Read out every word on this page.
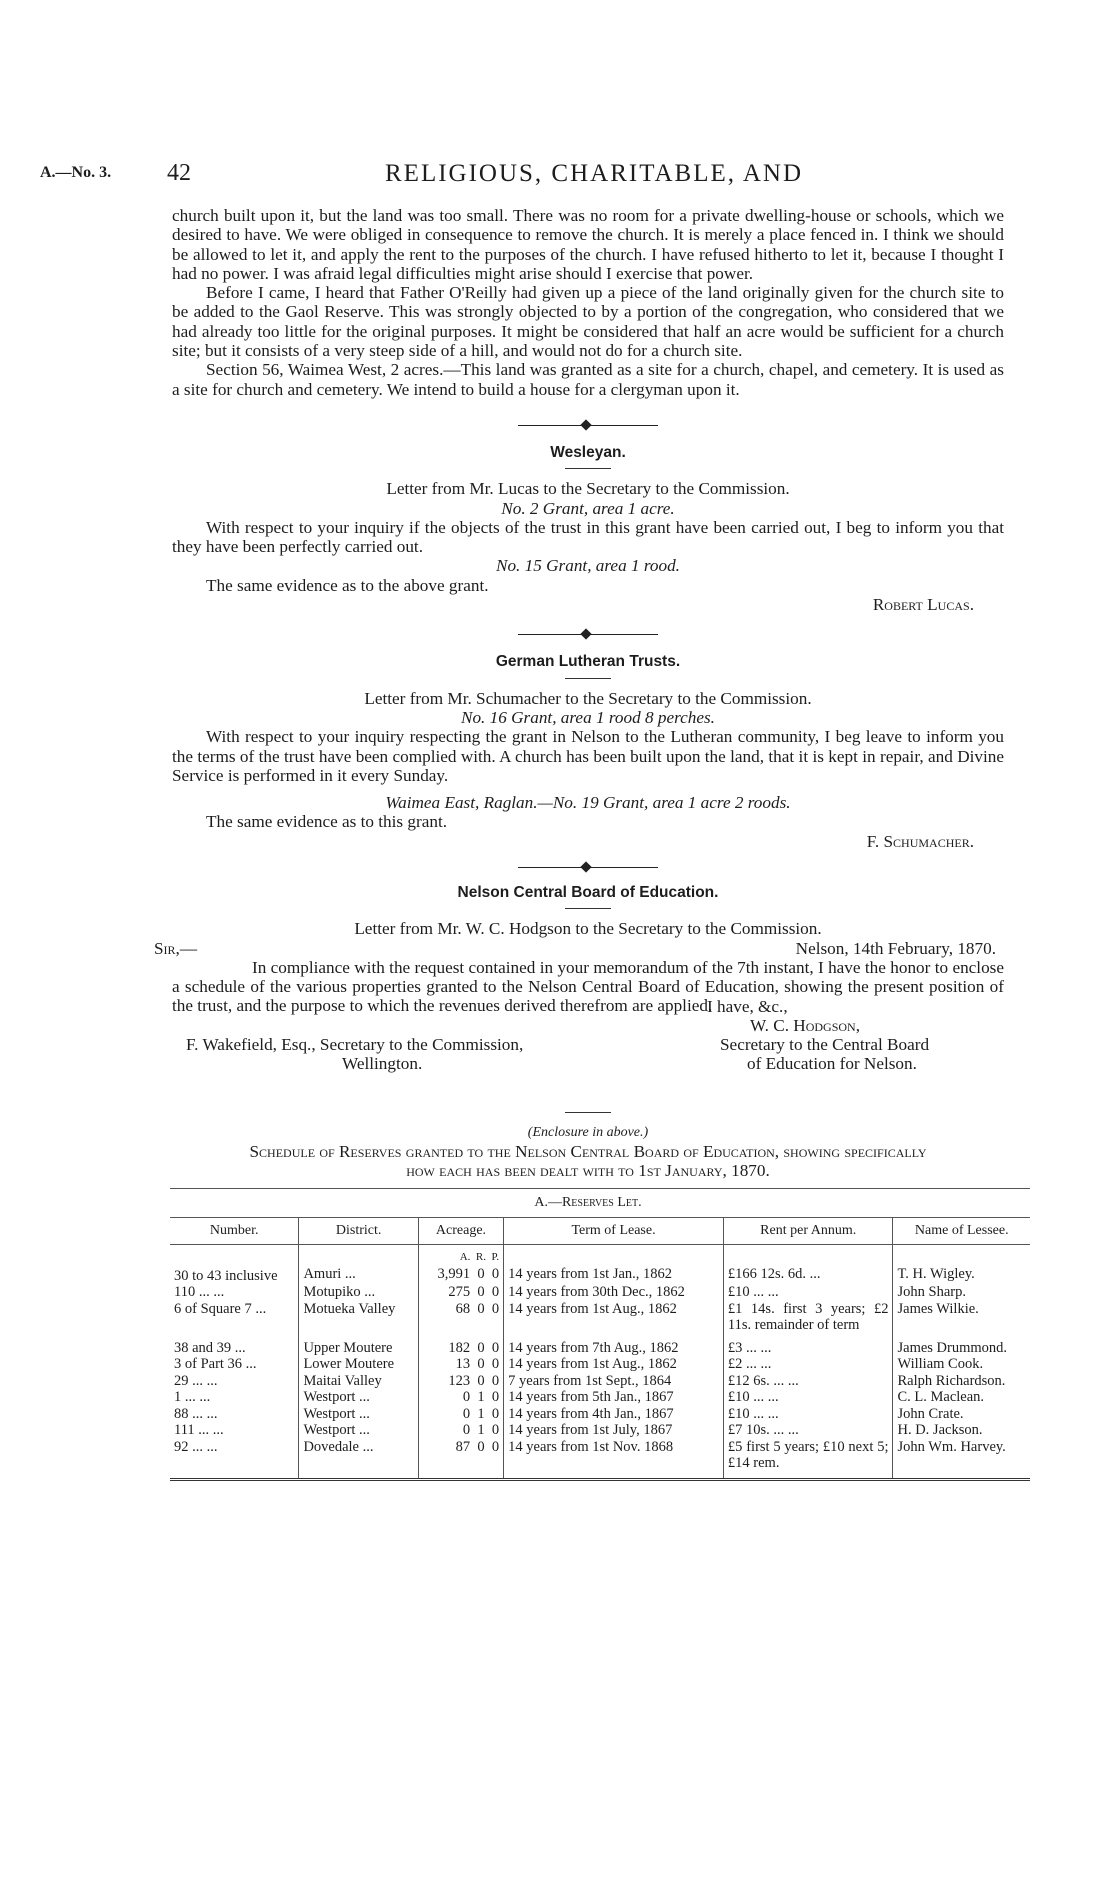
A.—No. 3. 42	RELIGIOUS, CHARITABLE, AND

church built upon it, but the land was too small. There was no room for a private dwelling-house or schools, which we desired to have. We were obliged in consequence to remove the church. It is merely a place fenced in. I think we should be allowed to let it, and apply the rent to the purposes of the church. I have refused hitherto to let it, because I thought I had no power. I was afraid legal difficulties might arise should I exercise that power.

Before I came, I heard that Father O'Reilly had given up a piece of the land originally given for the church site to be added to the Gaol Reserve. This was strongly objected to by a portion of the congregation, who considered that we had already too little for the original purposes. It might be considered that half an acre would be sufficient for a church site; but it consists of a very steep side of a hill, and would not do for a church site.

Section 56, Waimea West, 2 acres.—This land was granted as a site for a church, chapel, and cemetery. It is used as a site for church and cemetery. We intend to build a house for a clergyman upon it.

Wesleyan.

Letter from Mr. Lucas to the Secretary to the Commission.

No. 2 Grant, area 1 acre.

With respect to your inquiry if the objects of the trust in this grant have been carried out, I beg to inform you that they have been perfectly carried out.

No. 15 Grant, area 1 rood.

The same evidence as to the above grant.

Robert Lucas.

German Lutheran Trusts.

Letter from Mr. Schumacher to the Secretary to the Commission.

No. 16 Grant, area 1 rood 8 perches.

With respect to your inquiry respecting the grant in Nelson to the Lutheran community, I beg leave to inform you the terms of the trust have been complied with. A church has been built upon the land, that it is kept in repair, and Divine Service is performed in it every Sunday.

Waimea East, Raglan.—No. 19 Grant, area 1 acre 2 roods.

The same evidence as to this grant.

F. Schumacher.

Nelson Central Board of Education.

Letter from Mr. W. C. Hodgson to the Secretary to the Commission.

Sir,—	Nelson, 14th February, 1870.

In compliance with the request contained in your memorandum of the 7th instant, I have the honor to enclose a schedule of the various properties granted to the Nelson Central Board of Education, showing the present position of the trust, and the purpose to which the revenues derived therefrom are applied.

I have, &c.,
W. C. Hodgson,
Secretary to the Central Board
of Education for Nelson.
F. Wakefield, Esq., Secretary to the Commission,
Wellington.

(Enclosure in above.)

Schedule of Reserves granted to the Nelson Central Board of Education, showing specifically

how each has been dealt with to 1st January, 1870.

A.—Reserves Let.
Number.	District.	Acreage.	Term of Lease.	Rent per Annum.	Name of Lessee.
		A. R. P.			
30 to 43 inclusive	Amuri ...	3,991 0 0	14 years from 1st Jan., 1862	£166 12s. 6d. ...	T. H. Wigley.
110 ... ...	Motupiko ...	275 0 0	14 years from 30th Dec., 1862	£10 ... ...	John Sharp.
6 of Square 7 ...	Motueka Valley	68 0 0	14 years from 1st Aug., 1862	£1 14s. first 3 years; £2 11s. remainder of term	James Wilkie.

38 and 39 ...	Upper Moutere	182 0 0	14 years from 7th Aug., 1862	£3 ... ...	James Drummond.
3 of Part 36 ...	Lower Moutere	13 0 0	14 years from 1st Aug., 1862	£2 ... ...	William Cook.
29 ... ...	Maitai Valley	123 0 0	7 years from 1st Sept., 1864	£12 6s. ... ...	Ralph Richardson.
1 ... ...	Westport ...	0 1 0	14 years from 5th Jan., 1867	£10 ... ...	C. L. Maclean.
88 ... ...	Westport ...	0 1 0	14 years from 4th Jan., 1867	£10 ... ...	John Crate.
111 ... ...	Westport ...	0 1 0	14 years from 1st July, 1867	£7 10s. ... ...	H. D. Jackson.
92 ... ...	Dovedale ...	87 0 0	14 years from 1st Nov. 1868	£5 first 5 years; £10 next 5; £14 rem.	John Wm. Harvey.
